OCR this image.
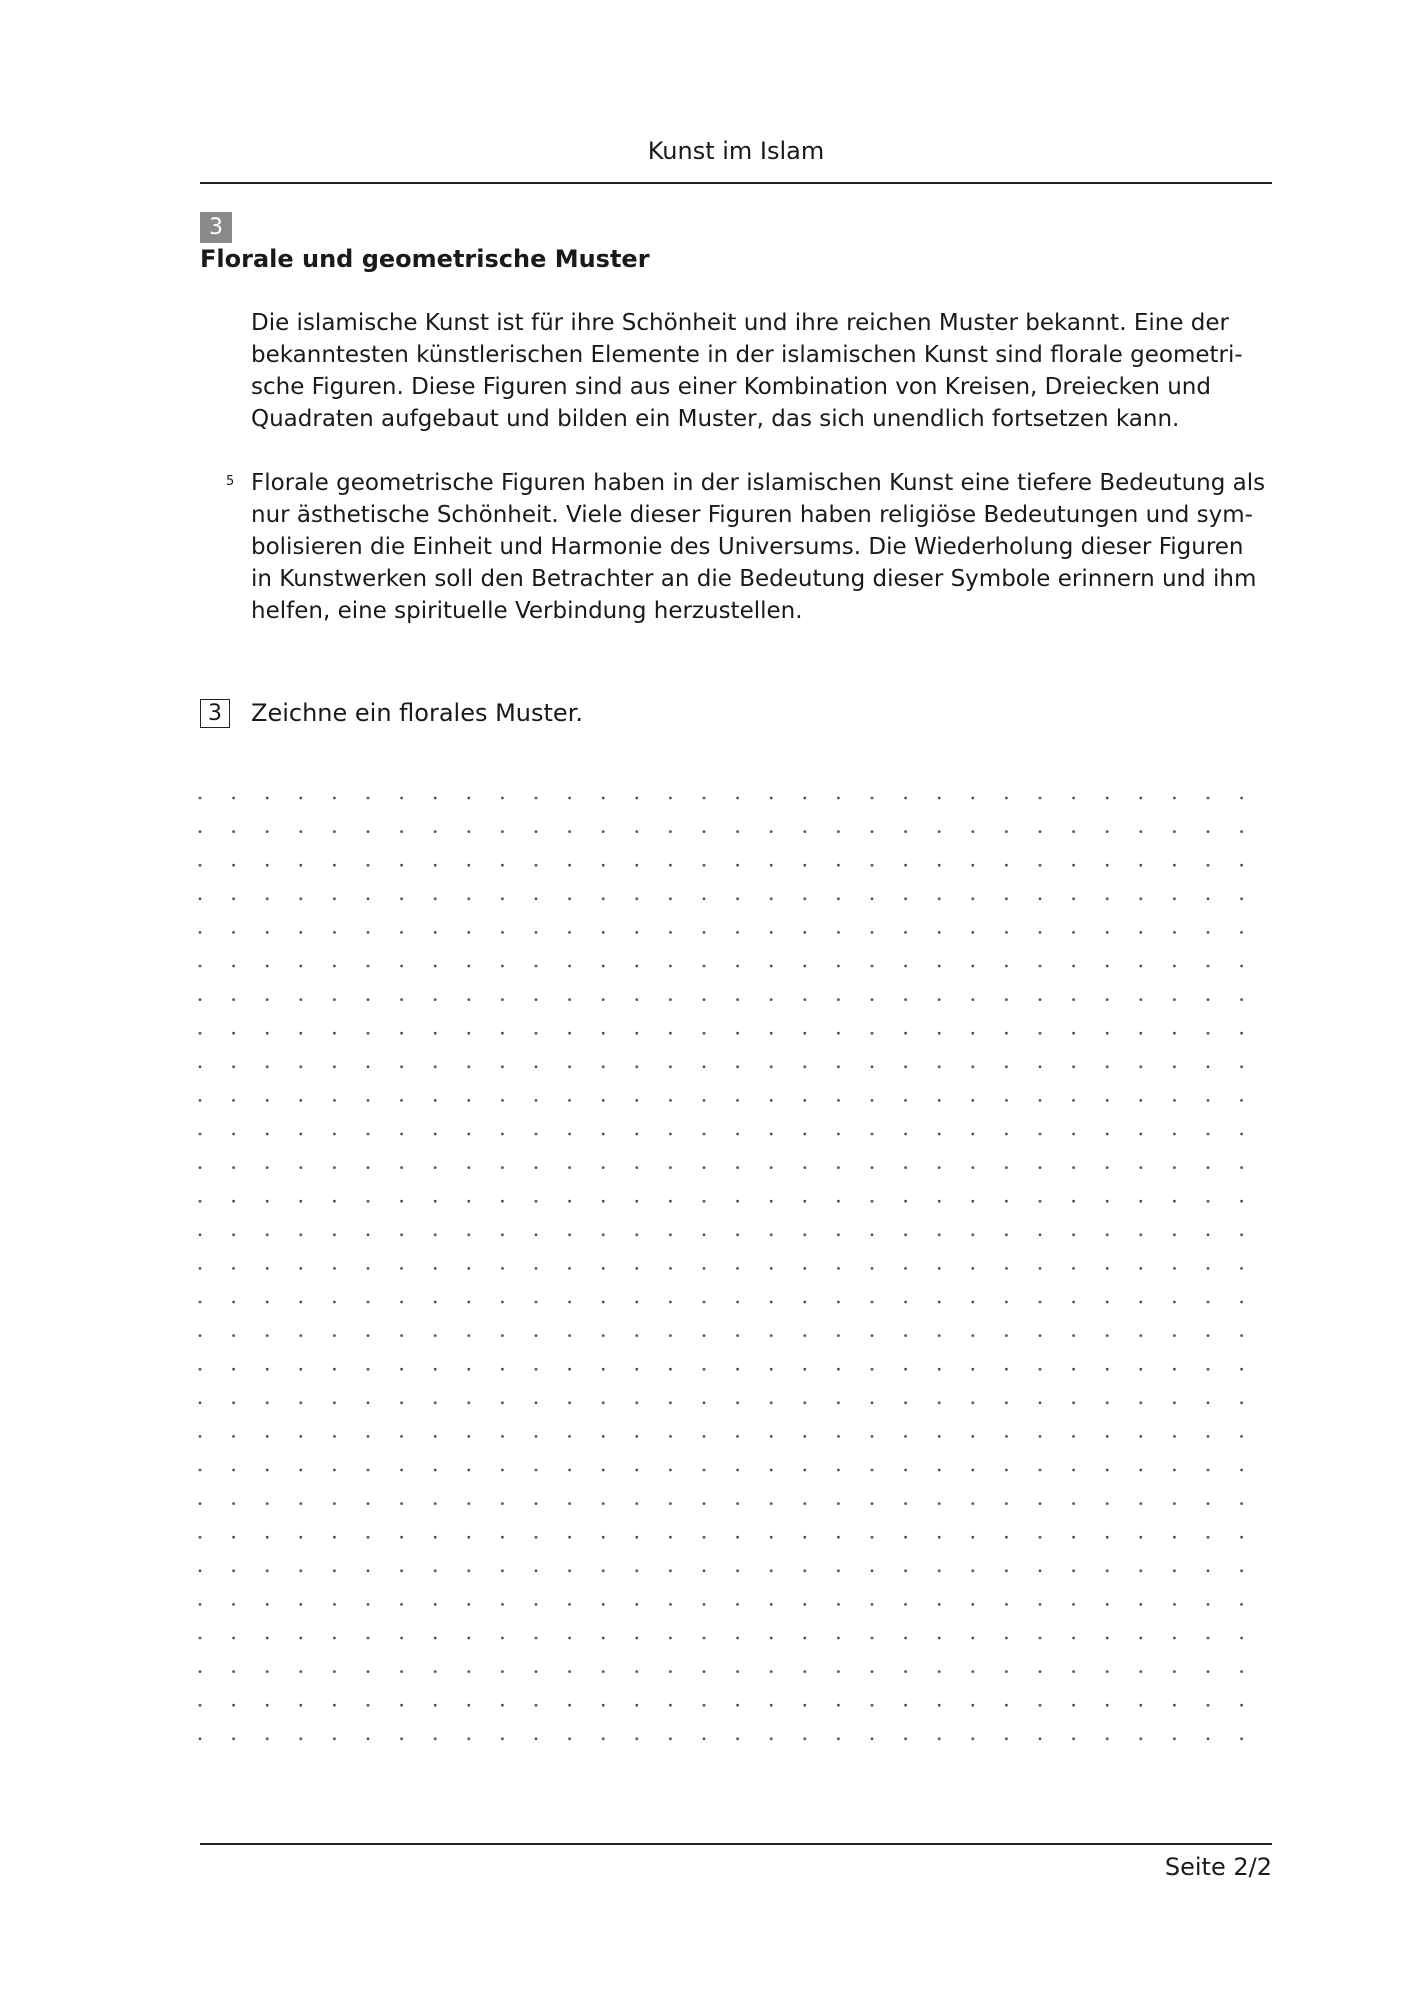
Kunst im Islam
3
Florale und geometrische Muster
Die islamische Kunst ist für ihre Schönheit und ihre reichen Muster bekannt. Eine der
bekanntesten künstlerischen Elemente in der islamischen Kunst sind florale geometri-
sche Figuren. Diese Figuren sind aus einer Kombination von Kreisen, Dreiecken und
Quadraten aufgebaut und bilden ein Muster, das sich unendlich fortsetzen kann.
5 Florale geometrische Figuren haben in der islamischen Kunst eine tiefere Bedeutung als
nur ästhetische Schönheit. Viele dieser Figuren haben religiöse Bedeutungen und sym-
bolisieren die Einheit und Harmonie des Universums. Die Wiederholung dieser Figuren
in Kunstwerken soll den Betrachter an die Bedeutung dieser Symbole erinnern und ihm
helfen, eine spirituelle Verbindung herzustellen.
3	Zeichne ein florales Muster.
Seite 2/2
